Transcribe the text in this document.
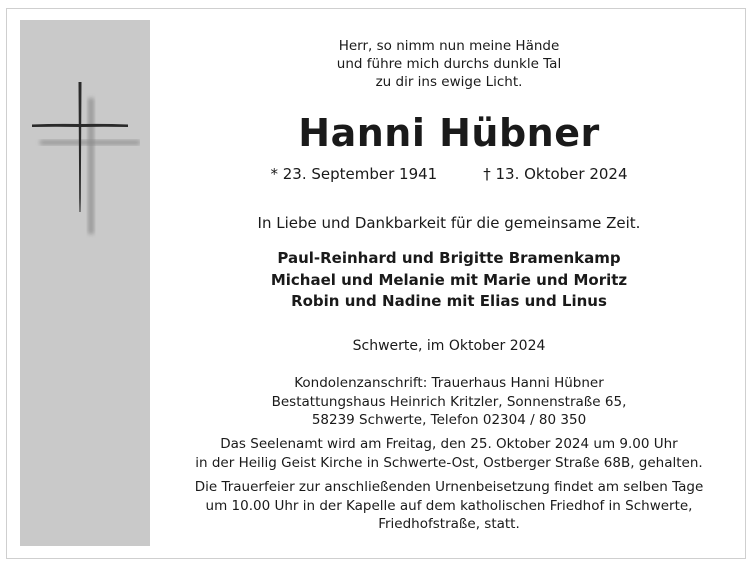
Herr, so nimm nun meine Hände
und führe mich durchs dunkle Tal
zu dir ins ewige Licht.
Hanni Hübner
* 23. September 1941	† 13. Oktober 2024
In Liebe und Dankbarkeit für die gemeinsame Zeit.
Paul-Reinhard und Brigitte Bramenkamp
Michael und Melanie mit Marie und Moritz
Robin und Nadine mit Elias und Linus
Schwerte, im Oktober 2024
Kondolenzanschrift: Trauerhaus Hanni Hübner
Bestattungshaus Heinrich Kritzler, Sonnenstraße 65,
58239 Schwerte, Telefon 02304 / 80 350
Das Seelenamt wird am Freitag, den 25. Oktober 2024 um 9.00 Uhr
in der Heilig Geist Kirche in Schwerte-Ost, Ostberger Straße 68B, gehalten.
Die Trauerfeier zur anschließenden Urnenbeisetzung findet am selben Tage
um 10.00 Uhr in der Kapelle auf dem katholischen Friedhof in Schwerte,
Friedhofstraße, statt.
